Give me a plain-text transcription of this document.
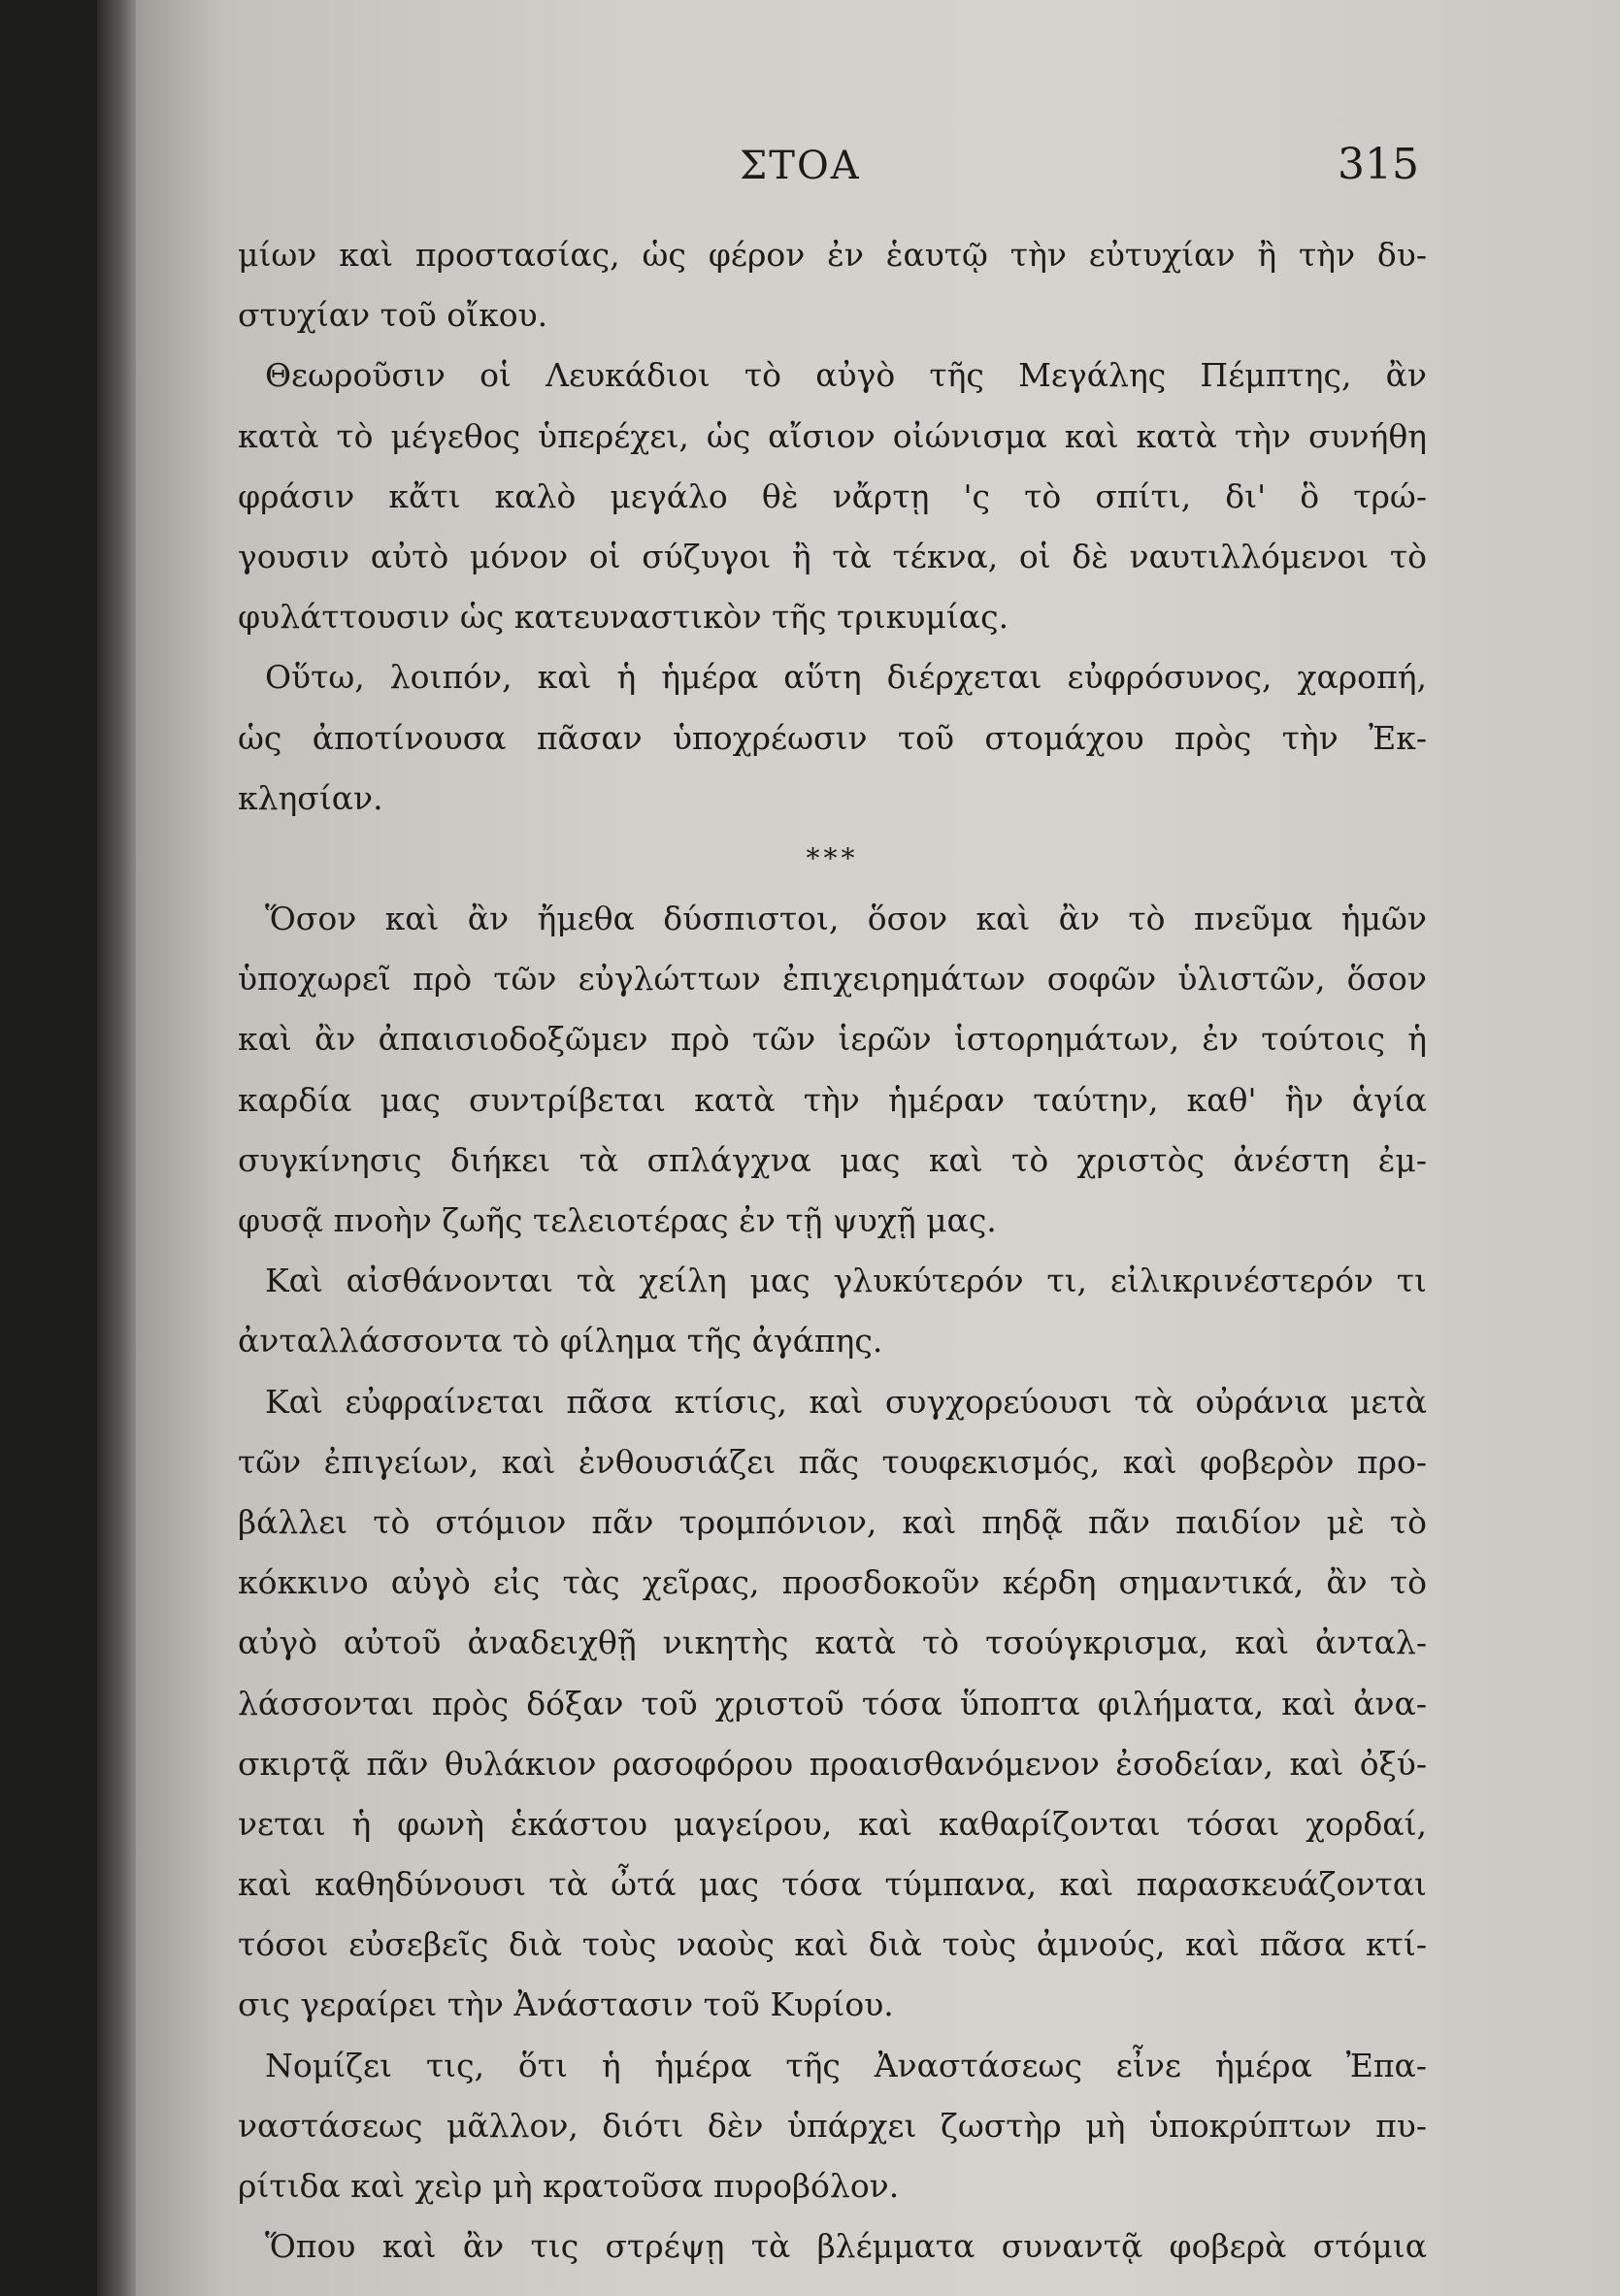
ΣΤΟΑ	315
μίων καὶ προστασίας, ὡς φέρον ἐν ἑαυτῷ τὴν εὐτυχίαν ἢ τὴν δυ-
στυχίαν τοῦ οἴκου.
Θεωροῦσιν οἱ Λευκάδιοι τὸ αὐγὸ τῆς Μεγάλης Πέμπτης, ἂν
κατὰ τὸ μέγεθος ὑπερέχει, ὡς αἴσιον οἰώνισμα καὶ κατὰ τὴν συνήθη
φράσιν κἄτι καλὸ μεγάλο θὲ νἄρτῃ 'ς τὸ σπίτι, δι' ὃ τρώ-
γουσιν αὐτὸ μόνον οἱ σύζυγοι ἢ τὰ τέκνα, οἱ δὲ ναυτιλλόμενοι τὸ
φυλάττουσιν ὡς κατευναστικὸν τῆς τρικυμίας.
Οὕτω, λοιπόν, καὶ ἡ ἡμέρα αὕτη διέρχεται εὐφρόσυνος, χαροπή,
ὡς ἀποτίνουσα πᾶσαν ὑποχρέωσιν τοῦ στομάχου πρὸς τὴν Ἐκ-
κλησίαν.
***
Ὅσον καὶ ἂν ἤμεθα δύσπιστοι, ὅσον καὶ ἂν τὸ πνεῦμα ἡμῶν
ὑποχωρεῖ πρὸ τῶν εὐγλώττων ἐπιχειρημάτων σοφῶν ὑλιστῶν, ὅσον
καὶ ἂν ἀπαισιοδοξῶμεν πρὸ τῶν ἱερῶν ἱστορημάτων, ἐν τούτοις ἡ
καρδία μας συντρίβεται κατὰ τὴν ἡμέραν ταύτην, καθ' ἣν ἁγία
συγκίνησις διήκει τὰ σπλάγχνα μας καὶ τὸ χριστὸς ἀνέστη ἐμ-
φυσᾷ πνοὴν ζωῆς τελειοτέρας ἐν τῇ ψυχῇ μας.
Καὶ αἰσθάνονται τὰ χείλη μας γλυκύτερόν τι, εἰλικρινέστερόν τι
ἀνταλλάσσοντα τὸ φίλημα τῆς ἀγάπης.
Καὶ εὐφραίνεται πᾶσα κτίσις, καὶ συγχορεύουσι τὰ οὐράνια μετὰ
τῶν ἐπιγείων, καὶ ἐνθουσιάζει πᾶς τουφεκισμός, καὶ φοβερὸν προ-
βάλλει τὸ στόμιον πᾶν τρομπόνιον, καὶ πηδᾷ πᾶν παιδίον μὲ τὸ
κόκκινο αὐγὸ εἰς τὰς χεῖρας, προσδοκοῦν κέρδη σημαντικά, ἂν τὸ
αὐγὸ αὐτοῦ ἀναδειχθῇ νικητὴς κατὰ τὸ τσούγκρισμα, καὶ ἀνταλ-
λάσσονται πρὸς δόξαν τοῦ χριστοῦ τόσα ὕποπτα φιλήματα, καὶ ἀνα-
σκιρτᾷ πᾶν θυλάκιον ρασοφόρου προαισθανόμενον ἐσοδείαν, καὶ ὀξύ-
νεται ἡ φωνὴ ἑκάστου μαγείρου, καὶ καθαρίζονται τόσαι χορδαί,
καὶ καθηδύνουσι τὰ ὦτά μας τόσα τύμπανα, καὶ παρασκευάζονται
τόσοι εὐσεβεῖς διὰ τοὺς ναοὺς καὶ διὰ τοὺς ἀμνούς, καὶ πᾶσα κτί-
σις γεραίρει τὴν Ἀνάστασιν τοῦ Κυρίου.
Νομίζει τις, ὅτι ἡ ἡμέρα τῆς Ἀναστάσεως εἶνε ἡμέρα Ἐπα-
ναστάσεως μᾶλλον, διότι δὲν ὑπάρχει ζωστὴρ μὴ ὑποκρύπτων πυ-
ρίτιδα καὶ χεὶρ μὴ κρατοῦσα πυροβόλον.
Ὅπου καὶ ἂν τις στρέψῃ τὰ βλέμματα συναντᾷ φοβερὰ στόμια
